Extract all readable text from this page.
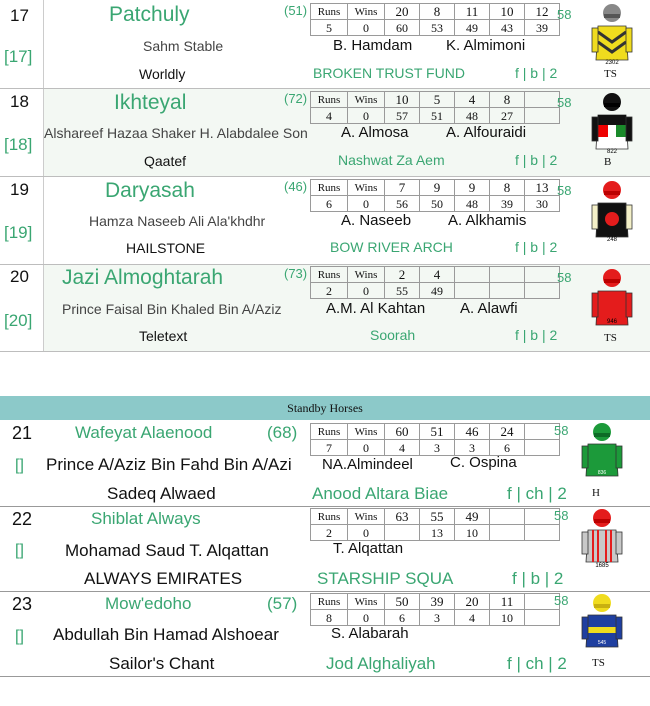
17
[17]
Patchuly	(51) Runs	Wins	20	8	11	10	12
5	0	60	53	49	43	39
58
Sahm Stable	B. Hamdam K. Almimoni
Worldly	BROKEN TRUST FUND	f | b | 2
2302
TS
18
[18]
Ikhteyal	(72) Runs	Wins	10	5	4	8	
4	0	57	51	48	27	
58
Alshareef Hazaa Shaker H. Alabdalee Son A. Almosa A. Alfouraidi
Qaatef	Nashwat Za Aem	f | b | 2	822
B
19
[19]
Daryasah	(46) Runs	Wins	7	9	9	8	13
6	0	56	50	48	39	30
58
Hamza Naseeb Ali Ala'khdhr	A. Naseeb A. Alkhamis
HAILSTONE	BOW RIVER ARCH	f | b | 2	248
20
[20]
Jazi Almoghtarah	(73) Runs	Wins	2	4			
2	0	55	49			
58
Prince Faisal Bin Khaled Bin A/Aziz	A.M. Al Kahtan A. Alawfi
Teletext	Soorah	f | b | 2
946
TS
Standby Horses
21
[]
Wafeyat Alaenood	(68) Runs	Wins	60	51	46	24	
7	0	4	3	3	6	
58
Prince A/Aziz Bin Fahd Bin A/Azi NA.Almindeel C. Ospina
Sadeq Alwaed	Anood Altara Biae	f | ch | 2
836
H
22
[]
Shiblat Always	Runs	Wins	63	55	49		
2	0		13	10		
58
Mohamad Saud T. Alqattan	T. Alqattan
ALWAYS EMIRATES	STARSHIP SQUA	f | b | 2
1685
23
[]
Mow'edoho	(57) Runs	Wins	50	39	20	11	
8	0	6	3	4	10	
58
Abdullah Bin Hamad Alshoear	S. Alabarah
Sailor's Chant	Jod Alghaliyah	f | ch | 2
545
TS
